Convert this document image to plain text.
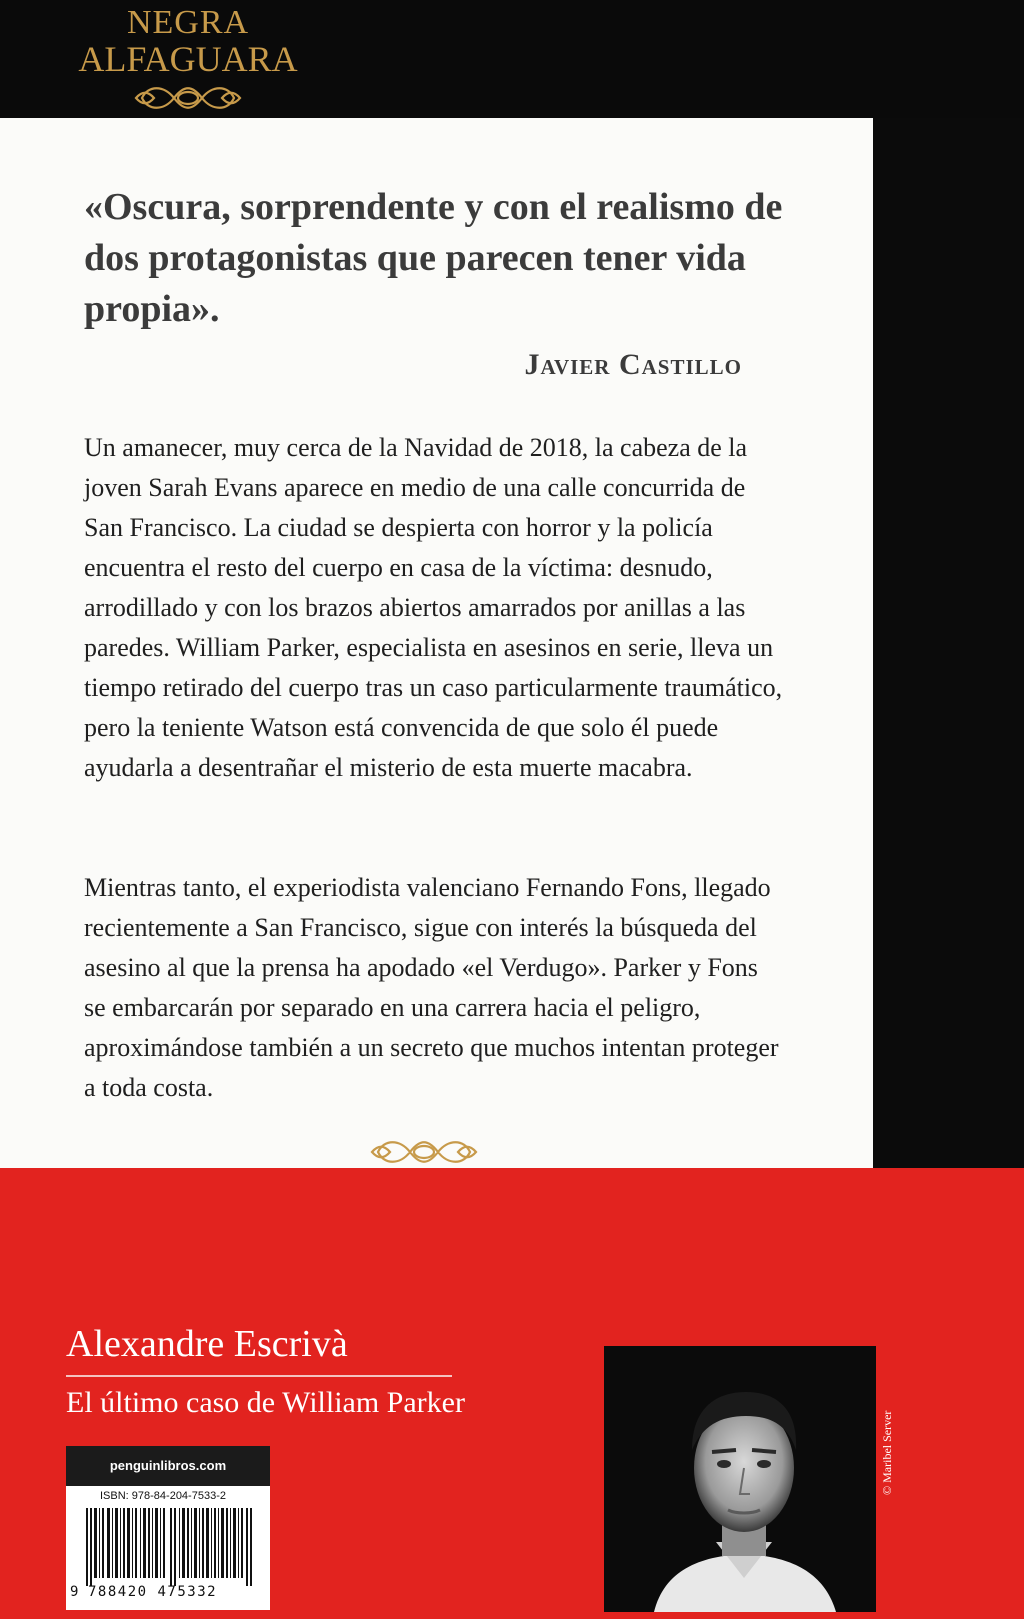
NEGRA
ALFAGUARA
«Oscura, sorprendente y con el realismo de dos protagonistas que parecen tener vida propia».
Javier Castillo
Un amanecer, muy cerca de la Navidad de 2018, la cabeza de la joven Sarah Evans aparece en medio de una calle concurrida de San Francisco. La ciudad se despierta con horror y la policía encuentra el resto del cuerpo en casa de la víctima: desnudo, arrodillado y con los brazos abiertos amarrados por anillas a las paredes. William Parker, especialista en asesinos en serie, lleva un tiempo retirado del cuerpo tras un caso particularmente traumático, pero la teniente Watson está convencida de que solo él puede ayudarla a desentrañar el misterio de esta muerte macabra.
Mientras tanto, el experiodista valenciano Fernando Fons, llegado recientemente a San Francisco, sigue con interés la búsqueda del asesino al que la prensa ha apodado «el Verdugo». Parker y Fons se embarcarán por separado en una carrera hacia el peligro, aproximándose también a un secreto que muchos intentan proteger a toda costa.
Alexandre Escrivà
El último caso de William Parker
penguinlibros.com
ISBN: 978-84-204-7533-2
9 788420 475332
© Maribel Server
